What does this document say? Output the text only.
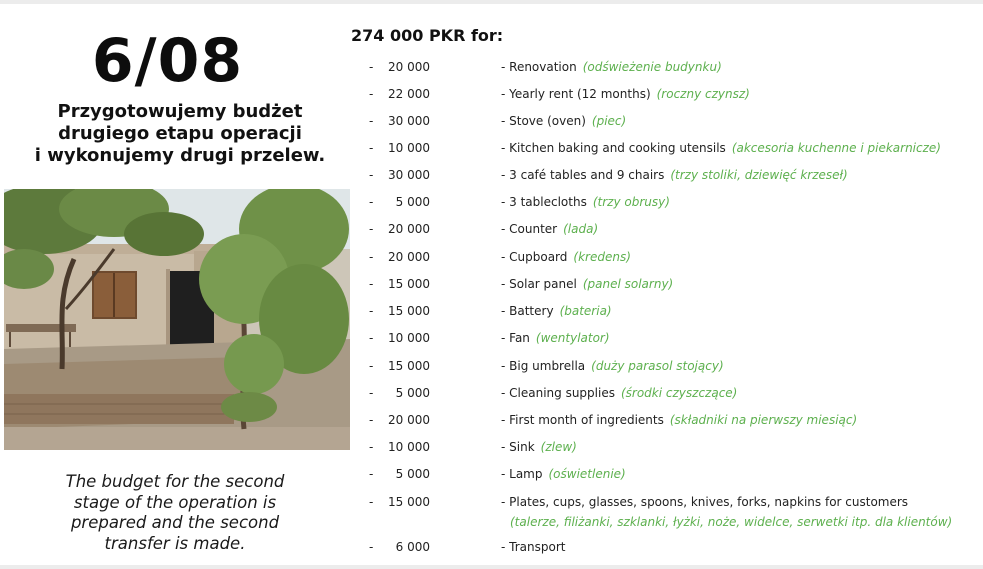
6/08
Przygotowujemy budżet
drugiego etapu operacji
i wykonujemy drugi przelew.
The budget for the second
stage of the operation is
prepared and the second
transfer is made.
274 000 PKR for:
-	20 000	- Renovation (odświeżenie budynku)
-	22 000	- Yearly rent (12 months) (roczny czynsz)
-	30 000	- Stove (oven) (piec)
-	10 000	- Kitchen baking and cooking utensils (akcesoria kuchenne i piekarnicze)
-	30 000	- 3 café tables and 9 chairs (trzy stoliki, dziewięć krzeseł)
-	5 000	- 3 tablecloths (trzy obrusy)
-	20 000	- Counter (lada)
-	20 000	- Cupboard (kredens)
-	15 000	- Solar panel (panel solarny)
-	15 000	- Battery (bateria)
-	10 000	- Fan (wentylator)
-	15 000	- Big umbrella (duży parasol stojący)
-	5 000	- Cleaning supplies (środki czyszczące)
-	20 000	- First month of ingredients (składniki na pierwszy miesiąc)
-	10 000	- Sink (zlew)
-	5 000	- Lamp (oświetlenie)
-	15 000	- Plates, cups, glasses, spoons, knives, forks, napkins for customers
(talerze, filiżanki, szklanki, łyżki, noże, widelce, serwetki itp. dla klientów)
-	6 000	- Transport
